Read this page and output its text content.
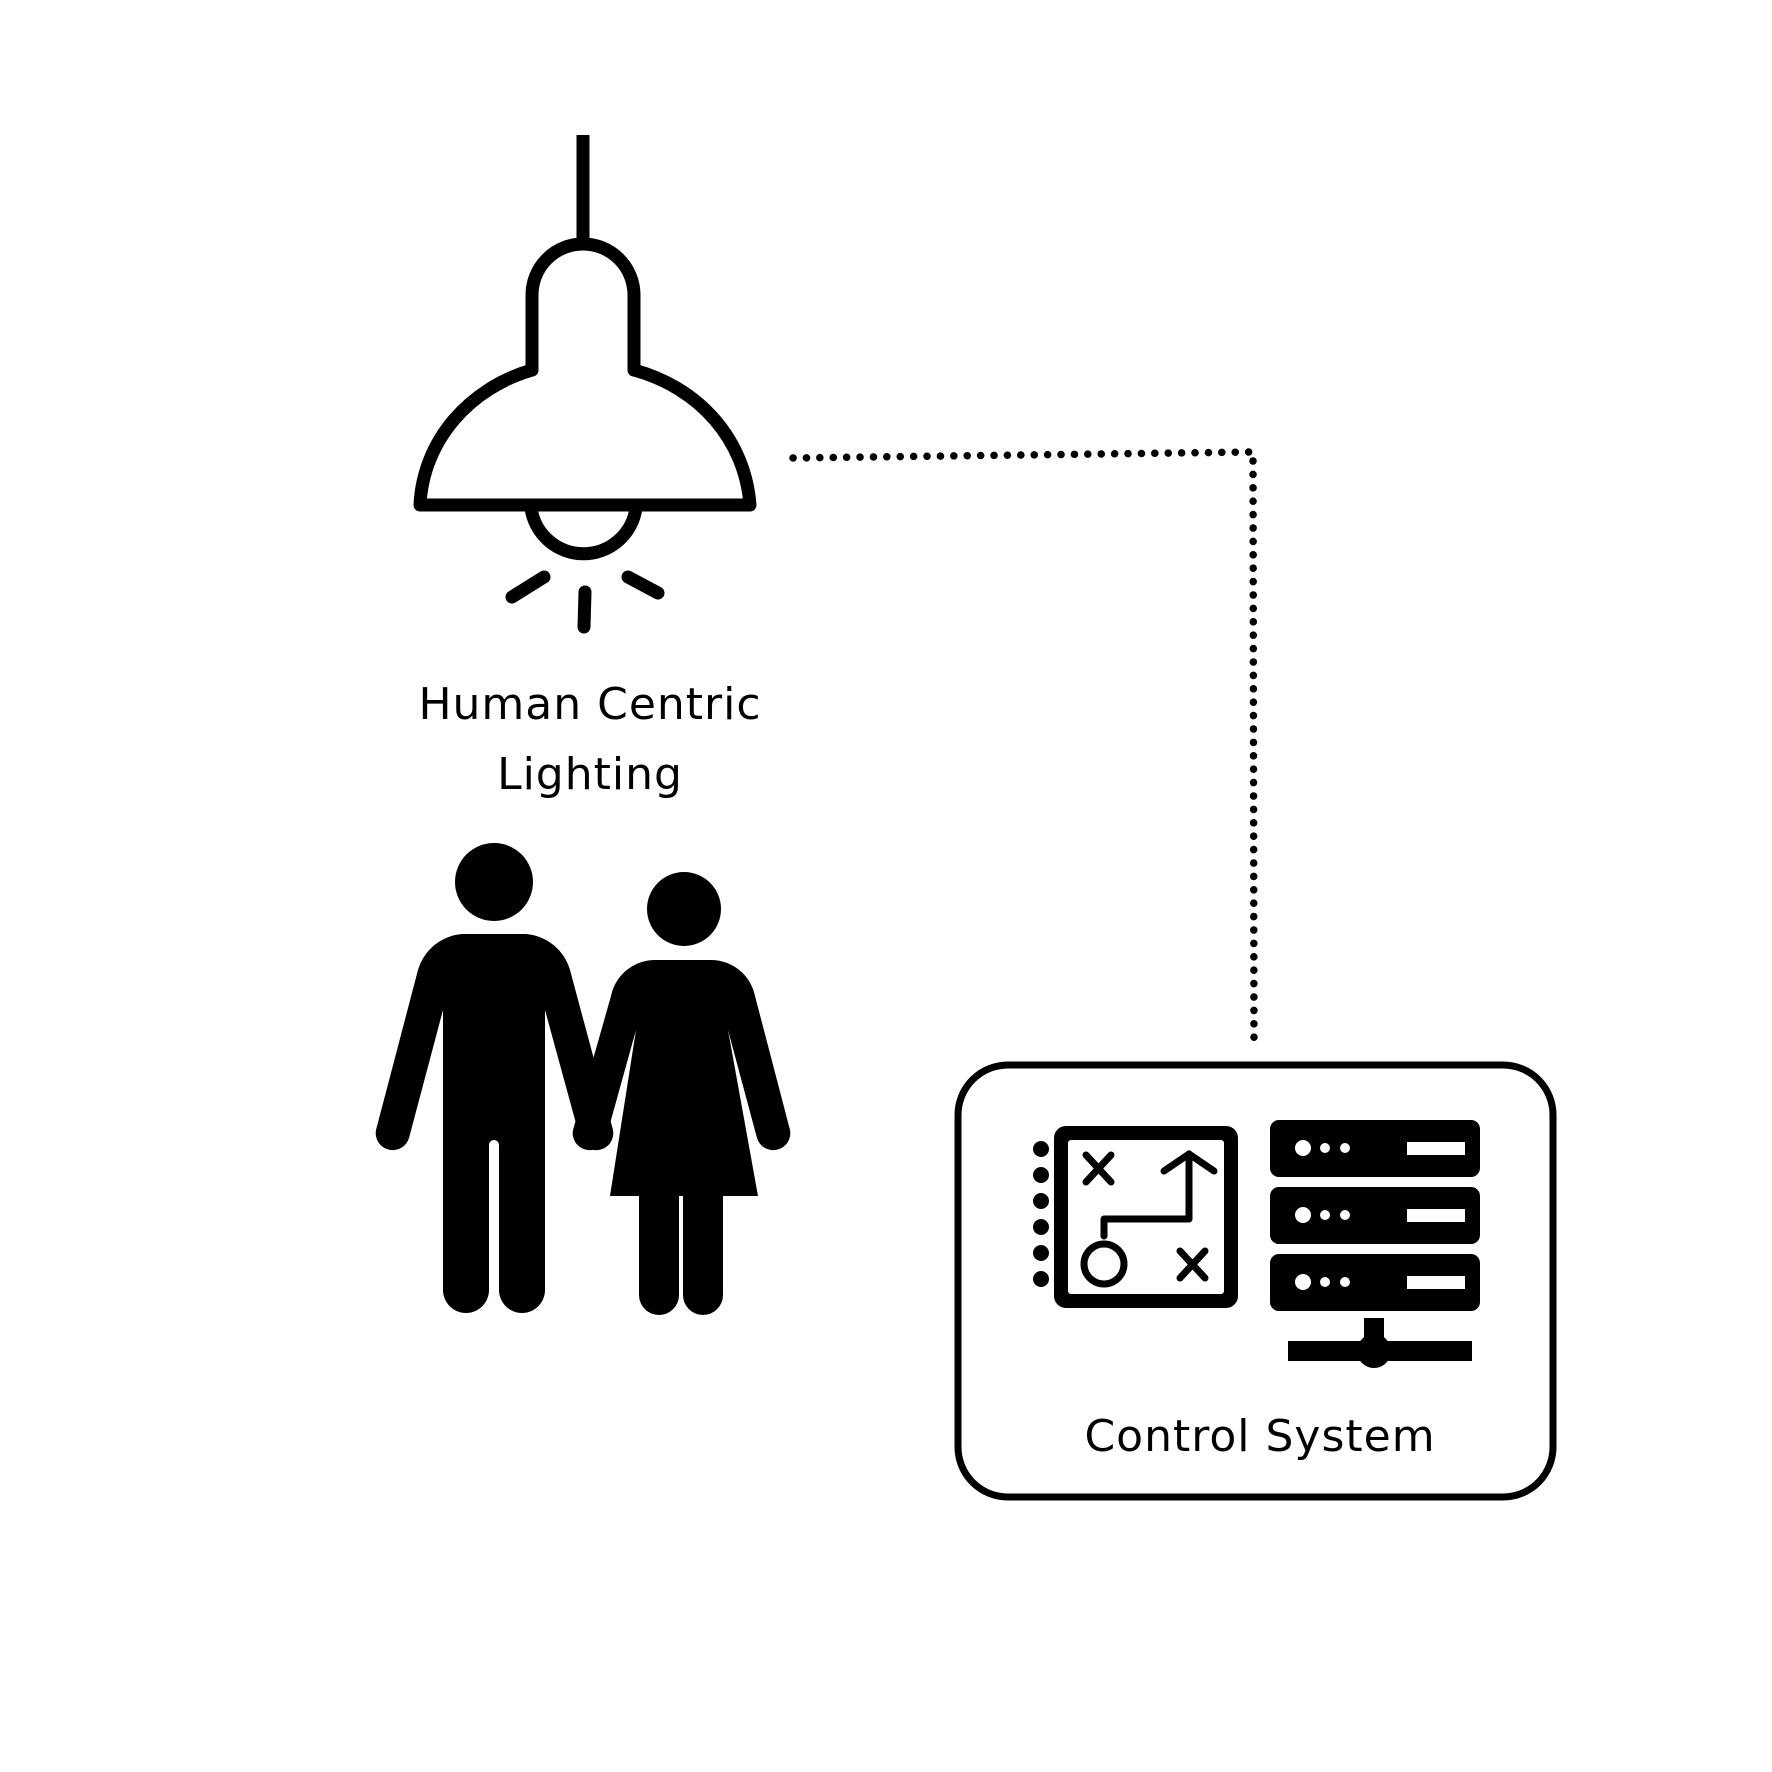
Human Centric
Lighting
Control System
